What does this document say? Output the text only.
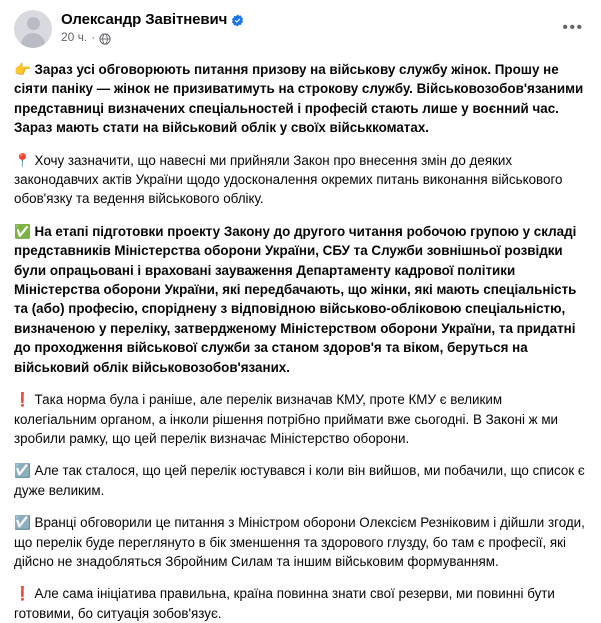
Олександр Завітневич
20 ч. ·
•••

👉 Зараз усі обговорюють питання призову на військову службу жінок. Прошу не сіяти паніку — жінок не призиватимуть на строкову службу. Військовозобов'язаними представниці визначених спеціальностей і професій стають лише у воєнний час. Зараз мають стати на військовий облік у своїх військкоматах.

📍 Хочу зазначити, що навесні ми прийняли Закон про внесення змін до деяких законодавчих актів України щодо удосконалення окремих питань виконання військового обов'язку та ведення військового обліку.

✅ На етапі підготовки проекту Закону до другого читання робочою групою у складі представників Міністерства оборони України, СБУ та Служби зовнішньої розвідки були опрацьовані і враховані зауваження Департаменту кадрової політики Міністерства оборони України, які передбачають, що жінки, які мають спеціальність та (або) професію, споріднену з відповідною військово-обліковою спеціальністю, визначеною у переліку, затвердженому Міністерством оборони України, та придатні до проходження військової служби за станом здоров'я та віком, беруться на військовий облік військовозобов'язаних.

❗ Така норма була і раніше, але перелік визначав КМУ, проте КМУ є великим колегіальним органом, а інколи рішення потрібно приймати вже сьогодні. В Законі ж ми зробили рамку, що цей перелік визначає Міністерство оборони.

☑️ Але так сталося, що цей перелік юстувався і коли він вийшов, ми побачили, що список є дуже великим.

☑️ Вранці обговорили це питання з Міністром оборони Олексієм Резніковим і дійшли згоди, що перелік буде переглянуто в бік зменшення та здорового глузду, бо там є професії, які дійсно не знадобляться Збройним Силам та іншим військовим формуванням.

❗ Але сама ініціатива правильна, країна повинна знати свої резерви, ми повинні бути готовими, бо ситуація зобов'язує.
